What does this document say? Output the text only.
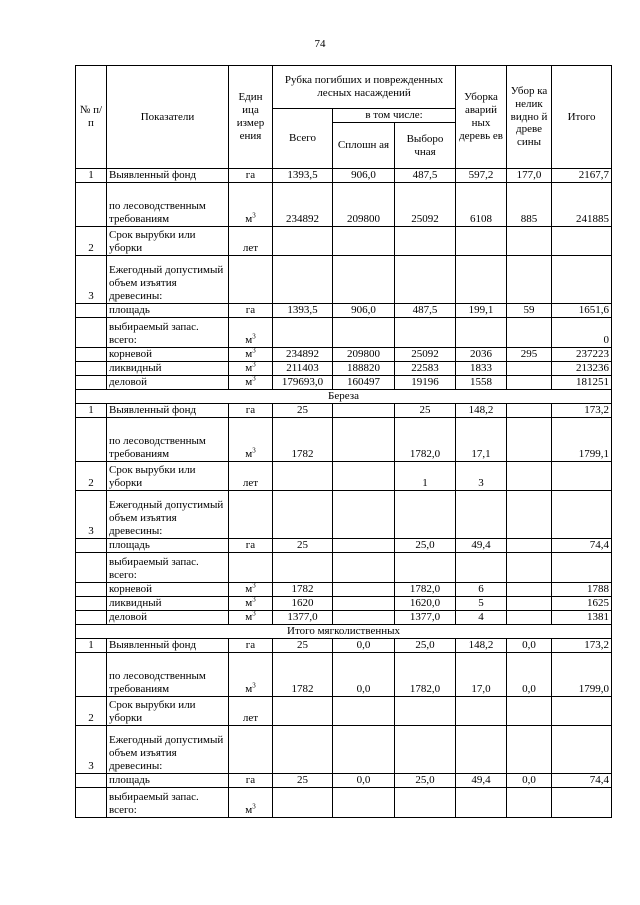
74
№ п/п	Показатели	Един ица измер ения	Рубка погибших и поврежденных лесных насаждений			Уборка аварий ных деревь ев	Убор ка нелик видно й древе сины	Итого
			Всего	в том числе:				
				Сплошн ая	Выборо чная			
1	Выявленный фонд	га	1393,5	906,0	487,5	597,2	177,0	2167,7
	по лесоводственным требованиям	$м^3$	234892	209800	25092	6108	885	241885
2	Срок вырубки или уборки	лет						
3	Ежегодный допустимый объем изъятия древесины:							
	площадь	га	1393,5	906,0	487,5	199,1	59	1651,6
	выбираемый запас. всего:	$м^3$						0
	корневой	$м^3$	234892	209800	25092	2036	295	237223
	ликвидный	$м^3$	211403	188820	22583	1833		213236
	деловой	$м^3$	179693,0	160497	19196	1558		181251
Береза								
1	Выявленный фонд	га	25		25	148,2		173,2
	по лесоводственным требованиям	$м^3$	1782		1782,0	17,1		1799,1
2	Срок вырубки или уборки	лет			1	3		
3	Ежегодный допустимый объем изъятия древесины:							
	площадь	га	25		25,0	49,4		74,4
	выбираемый запас. всего:							
	корневой	$м^3$	1782		1782,0	6		1788
	ликвидный	$м^3$	1620		1620,0	5		1625
	деловой	$м^3$	1377,0		1377,0	4		1381
Итого мягколиственных								
1	Выявленный фонд	га	25	0,0	25,0	148,2	0,0	173,2
	по лесоводственным требованиям	$м^3$	1782	0,0	1782,0	17,0	0,0	1799,0
2	Срок вырубки или уборки	лет						
3	Ежегодный допустимый объем изъятия древесины:							
	площадь	га	25	0,0	25,0	49,4	0,0	74,4
	выбираемый запас. всего:	$м^3$						
